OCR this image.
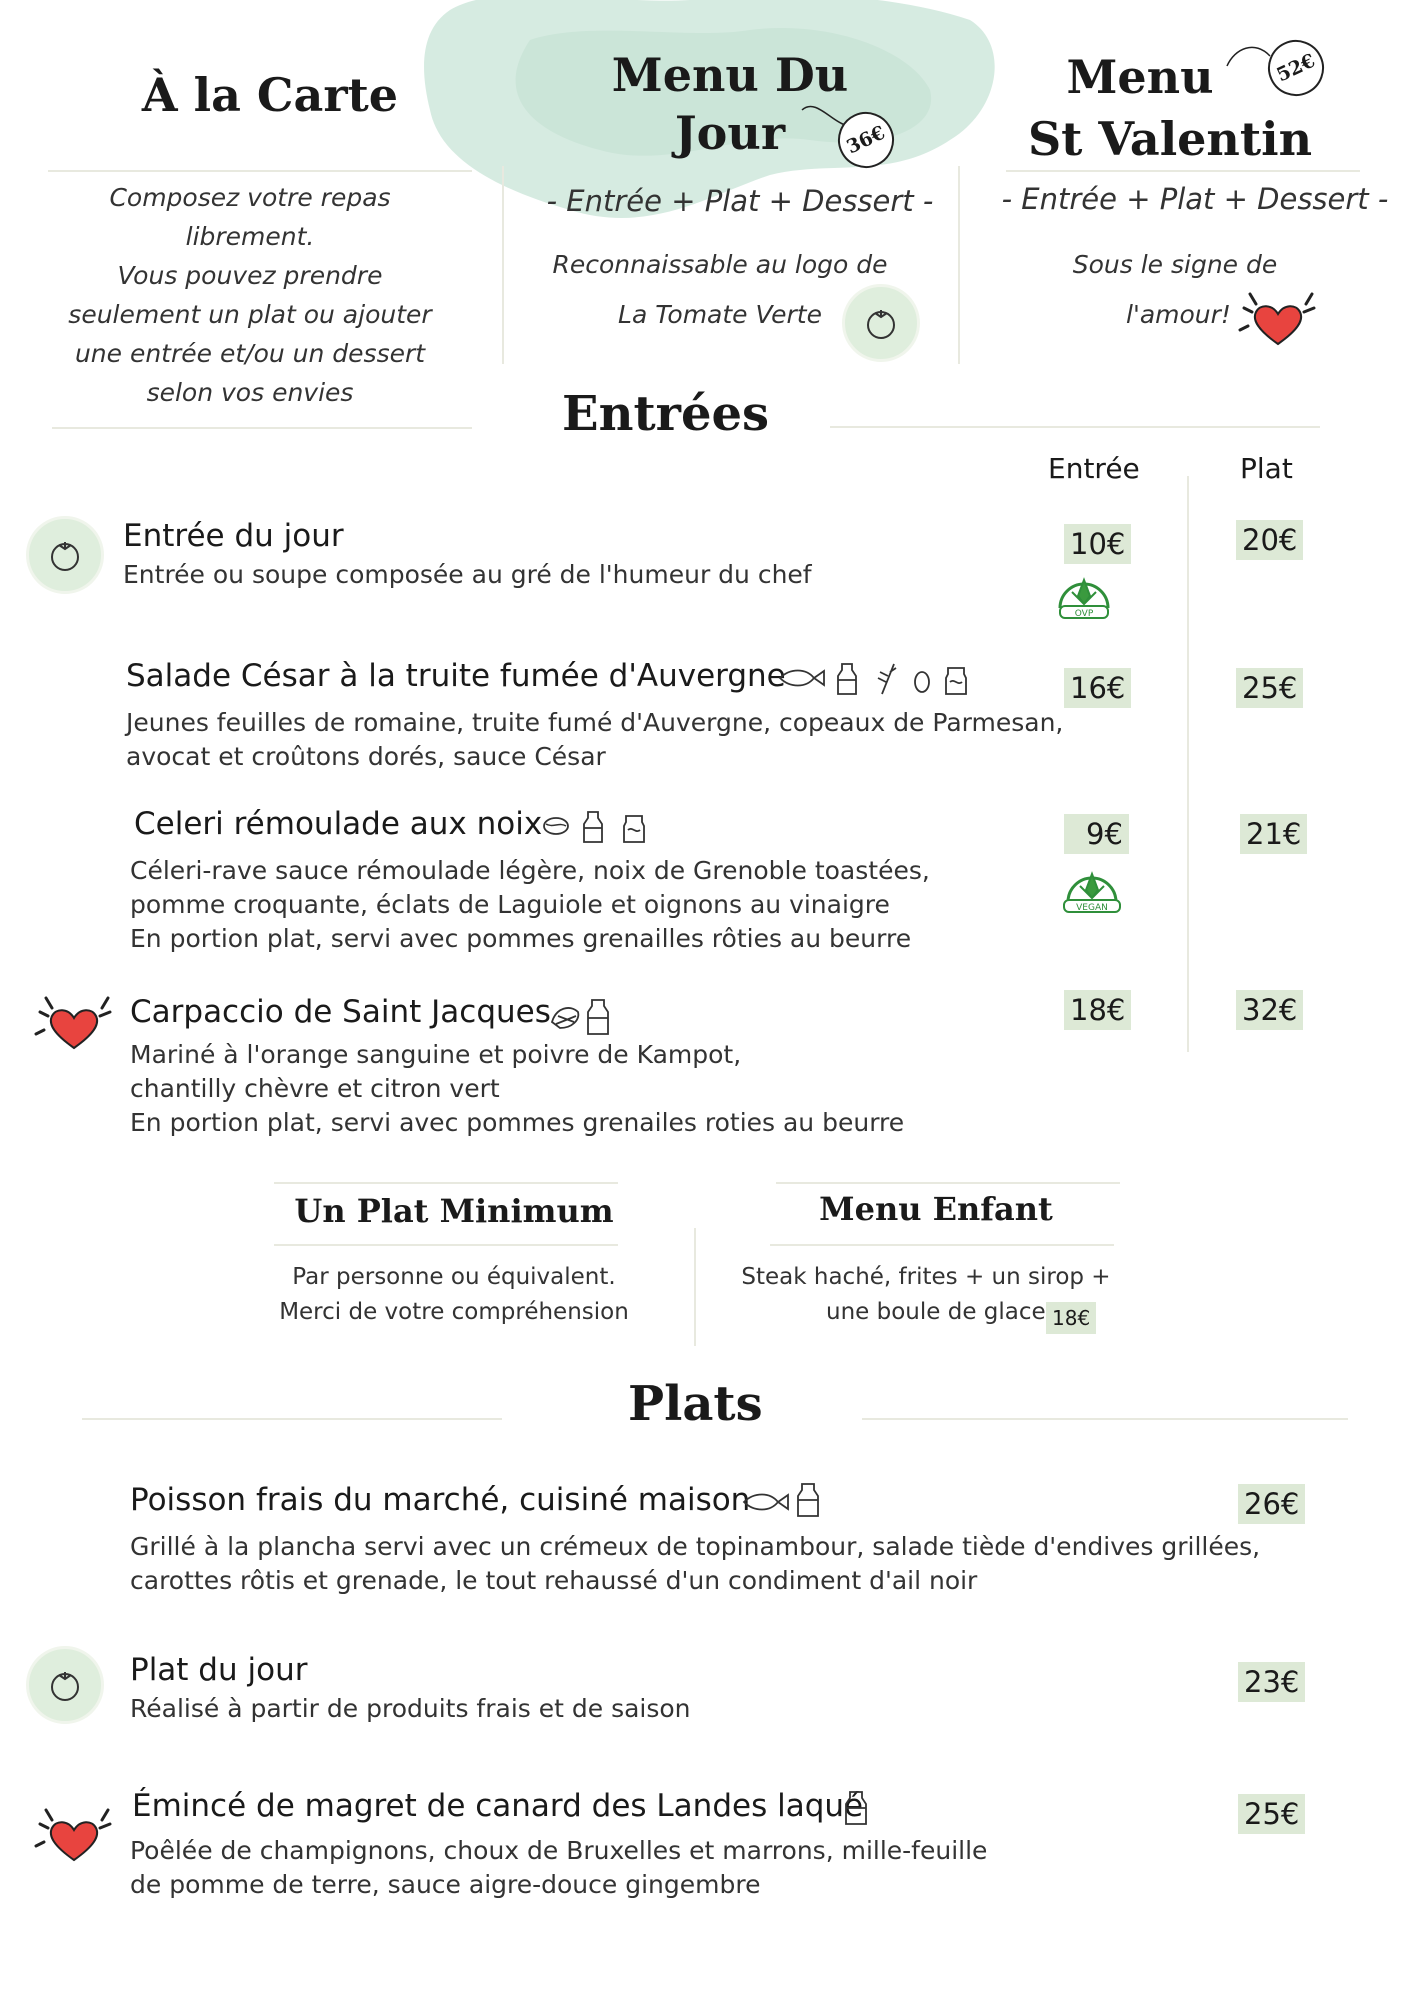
À la Carte
Composez votre repas
librement.
Vous pouvez prendre
seulement un plat ou ajouter
une entrée et/ou un dessert
selon vos envies
Menu Du
Jour	36€
- Entrée + Plat + Dessert -
Reconnaissable au logo de
La Tomate Verte
Menu
St Valentin
52€
- Entrée + Plat + Dessert -
Sous le signe de
l'amour!
Entrées
Entrée	Plat
Entrée du jour
Entrée ou soupe composée au gré de l'humeur du chef
10€	20€
OVP
Salade César à la truite fumée d'Auvergne
Jeunes feuilles de romaine, truite fumé d'Auvergne, copeaux de Parmesan,
avocat et croûtons dorés, sauce César
16€	25€
Celeri rémoulade aux noix
Céleri-rave sauce rémoulade légère, noix de Grenoble toastées,
pomme croquante, éclats de Laguiole et oignons au vinaigre
En portion plat, servi avec pommes grenailles rôties au beurre
9€	21€
VEGAN
Carpaccio de Saint Jacques
Mariné à l'orange sanguine et poivre de Kampot,
chantilly chèvre et citron vert
En portion plat, servi avec pommes grenailes roties au beurre
18€	32€
Un Plat Minimum
Par personne ou équivalent.
Merci de votre compréhension
Menu Enfant
Steak haché, frites + un sirop +
une boule de glace 18€
Plats
Poisson frais du marché, cuisiné maison
Grillé à la plancha servi avec un crémeux de topinambour, salade tiède d'endives grillées,
carottes rôtis et grenade, le tout rehaussé d'un condiment d'ail noir
26€
Plat du jour
Réalisé à partir de produits frais et de saison
23€
Émincé de magret de canard des Landes laqué
Poêlée de champignons, choux de Bruxelles et marrons, mille-feuille
de pomme de terre, sauce aigre-douce gingembre
25€
